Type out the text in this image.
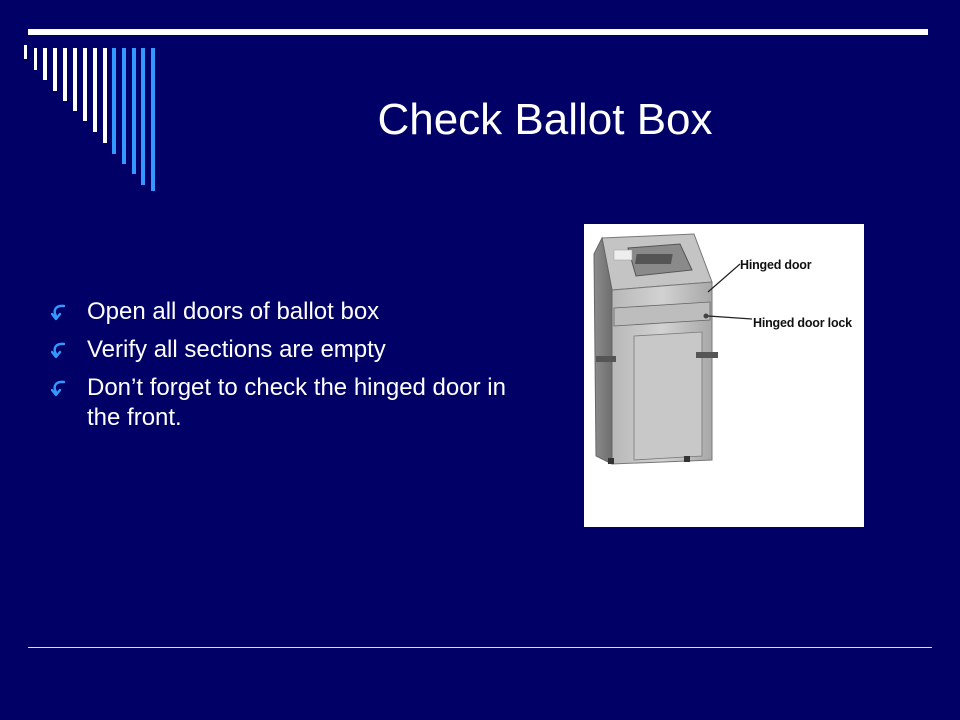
Check Ballot Box
Open all doors of ballot box
Verify all sections are empty
Don’t forget to check the hinged door in the front.
Hinged door
Hinged door lock
